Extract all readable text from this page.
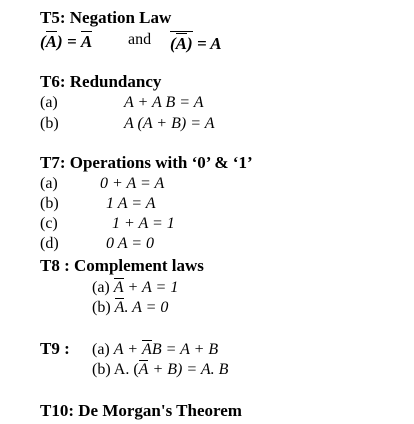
T5: Negation Law
(A) = A and (A) = A
T6: Redundancy
(a)	A + A B = A
(b)	A (A + B) = A
T7: Operations with ‘0’ & ‘1’
(a)	0 + A = A
(b)	1 A = A
(c)	1 + A = 1
(d)	0 A = 0
T8 : Complement laws
(a) A + A = 1
(b) A. A = 0
T9 : (a) A + AB = A + B
(b) A. (A + B) = A. B
T10: De Morgan's Theorem
